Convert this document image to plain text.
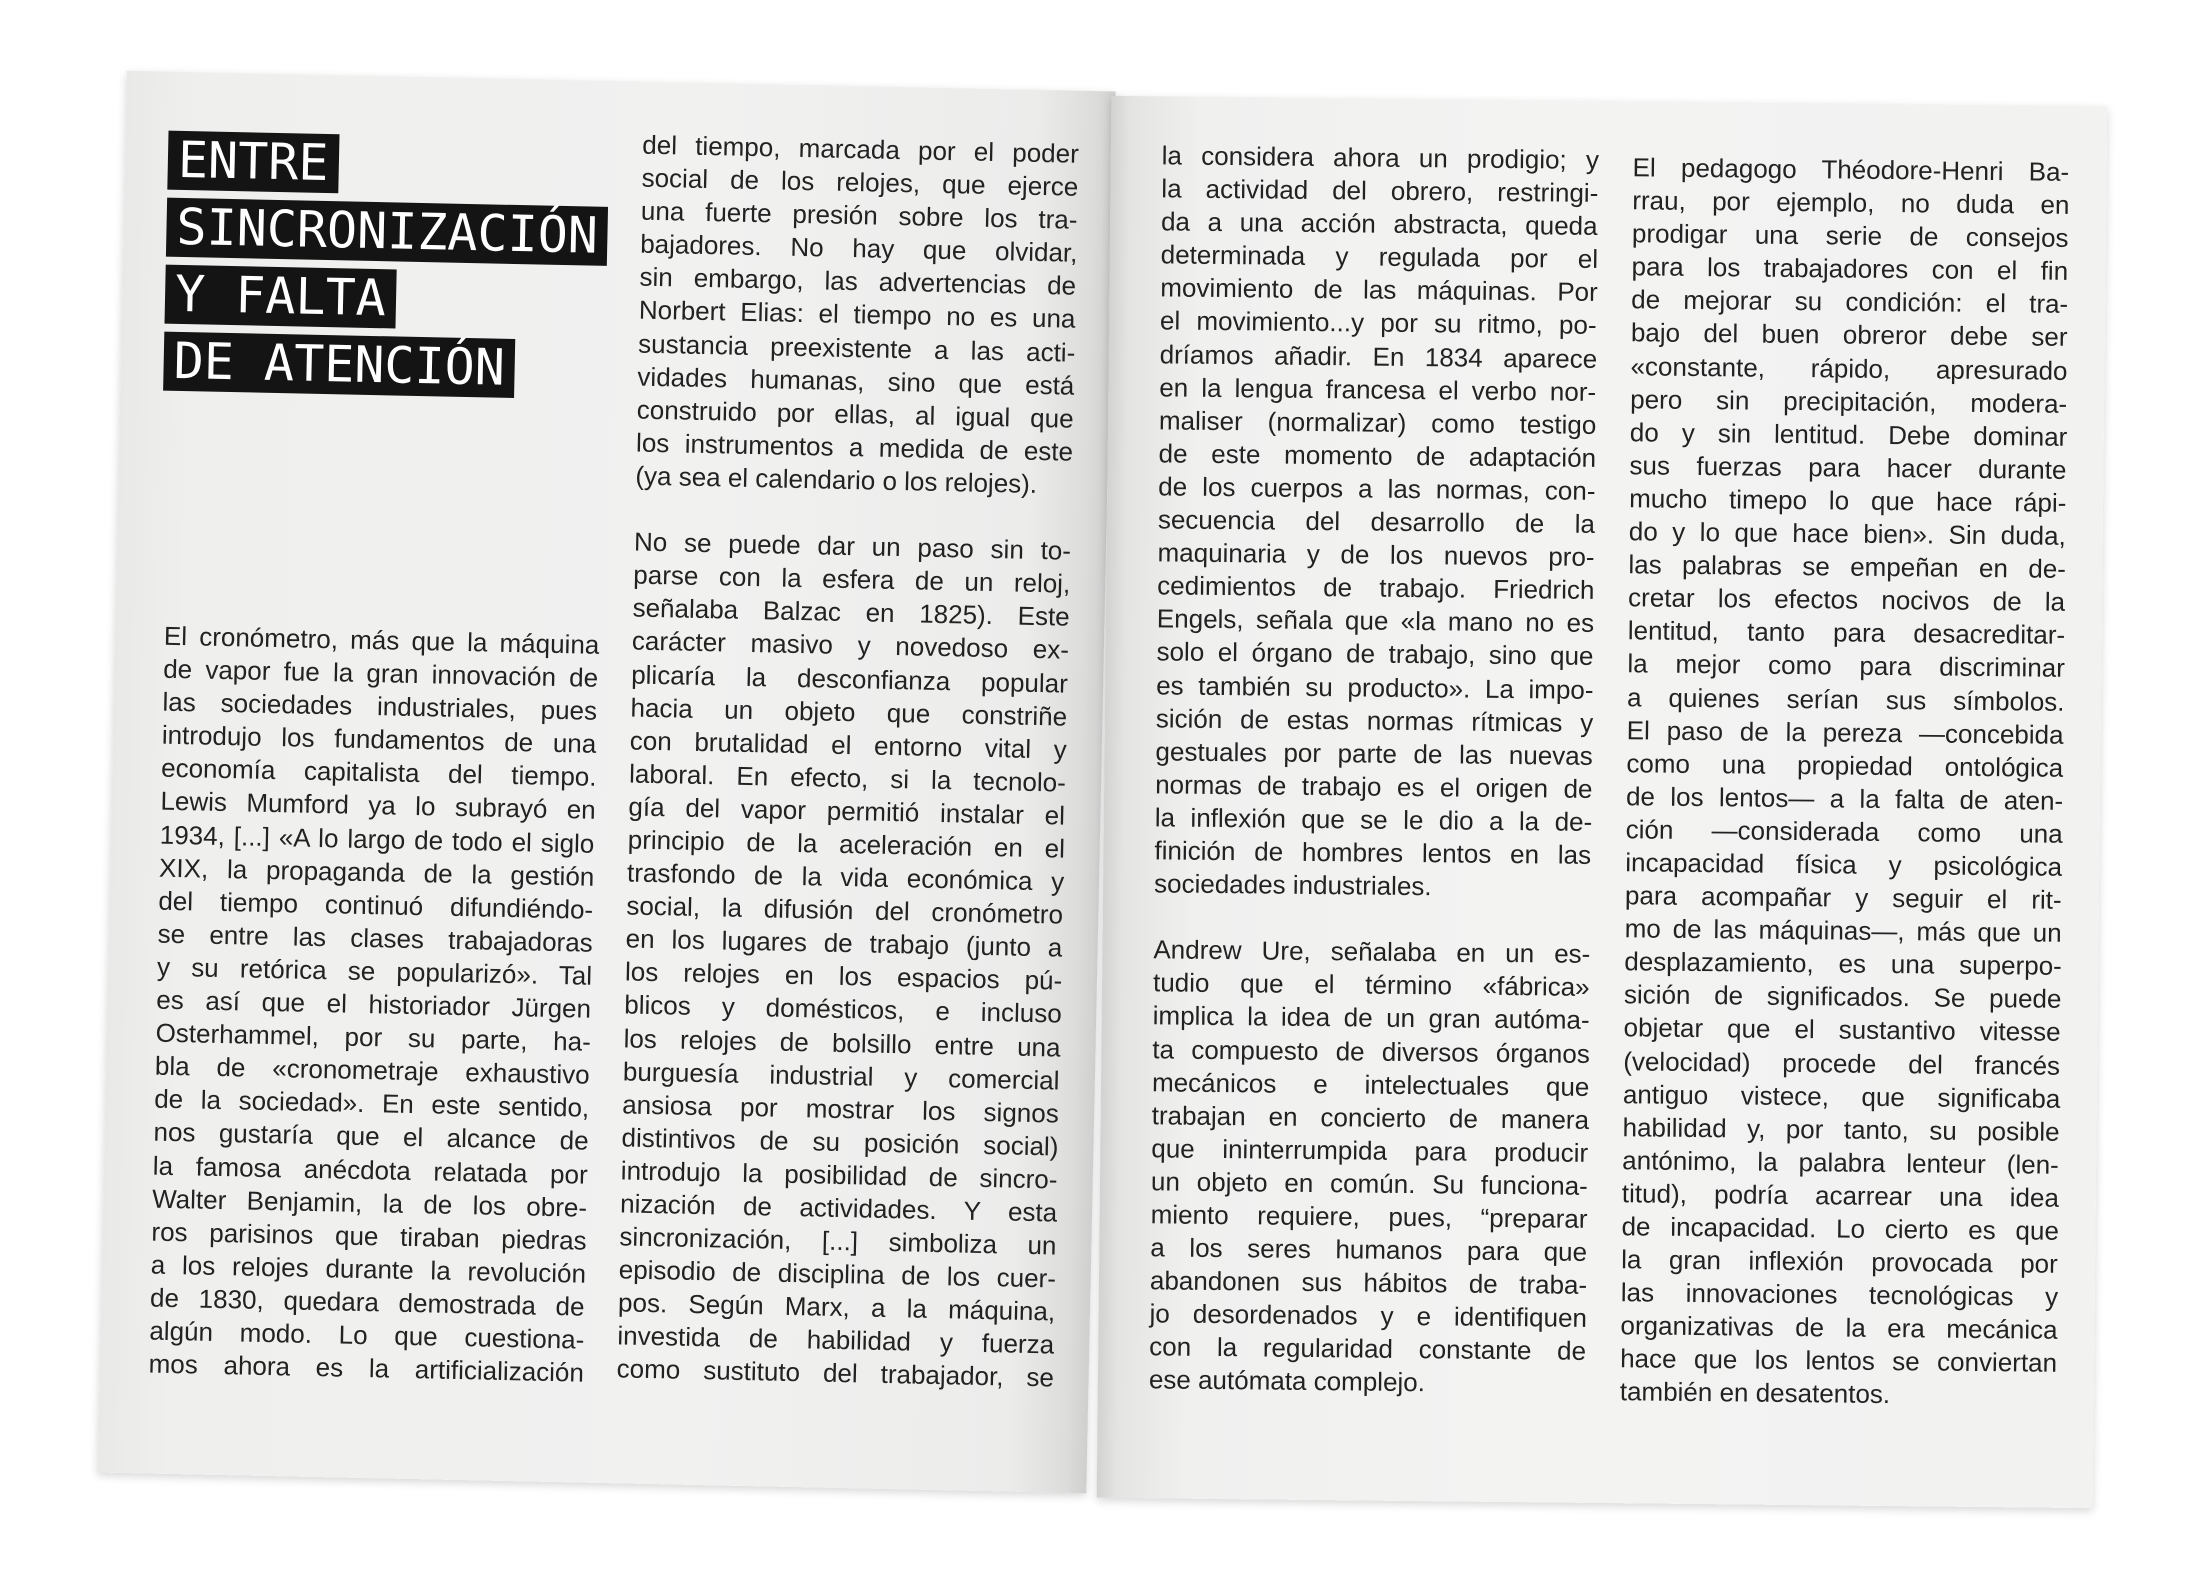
ENTRE
SINCRONIZACIÓN
Y FALTA
DE ATENCIÓN
El cronómetro, más que la máquina
de vapor fue la gran innovación de
las sociedades industriales, pues
introdujo los fundamentos de una
economía capitalista del tiempo.
Lewis Mumford ya lo subrayó en
1934, [...] «A lo largo de todo el siglo
XIX, la propaganda de la gestión
del tiempo continuó difundiéndo-
se entre las clases trabajadoras
y su retórica se popularizó». Tal
es así que el historiador Jürgen
Osterhammel, por su parte, ha-
bla de «cronometraje exhaustivo
de la sociedad». En este sentido,
nos gustaría que el alcance de
la famosa anécdota relatada por
Walter Benjamin, la de los obre-
ros parisinos que tiraban piedras
a los relojes durante la revolución
de 1830, quedara demostrada de
algún modo. Lo que cuestiona-
mos ahora es la artificialización
del tiempo, marcada por el poder
social de los relojes, que ejerce
una fuerte presión sobre los tra-
bajadores. No hay que olvidar,
sin embargo, las advertencias de
Norbert Elias: el tiempo no es una
sustancia preexistente a las acti-
vidades humanas, sino que está
construido por ellas, al igual que
los instrumentos a medida de este
(ya sea el calendario o los relojes).
No se puede dar un paso sin to-
parse con la esfera de un reloj,
señalaba Balzac en 1825). Este
carácter masivo y novedoso ex-
plicaría la desconfianza popular
hacia un objeto que constriñe
con brutalidad el entorno vital y
laboral. En efecto, si la tecnolo-
gía del vapor permitió instalar el
principio de la aceleración en el
trasfondo de la vida económica y
social, la difusión del cronómetro
en los lugares de trabajo (junto a
los relojes en los espacios pú-
blicos y domésticos, e incluso
los relojes de bolsillo entre una
burguesía industrial y comercial
ansiosa por mostrar los signos
distintivos de su posición social)
introdujo la posibilidad de sincro-
nización de actividades. Y esta
sincronización, [...] simboliza un
episodio de disciplina de los cuer-
pos. Según Marx, a la máquina,
investida de habilidad y fuerza
como sustituto del trabajador, se
la considera ahora un prodigio; y
la actividad del obrero, restringi-
da a una acción abstracta, queda
determinada y regulada por el
movimiento de las máquinas. Por
el movimiento...y por su ritmo, po-
dríamos añadir. En 1834 aparece
en la lengua francesa el verbo nor-
maliser (normalizar) como testigo
de este momento de adaptación
de los cuerpos a las normas, con-
secuencia del desarrollo de la
maquinaria y de los nuevos pro-
cedimientos de trabajo. Friedrich
Engels, señala que «la mano no es
solo el órgano de trabajo, sino que
es también su producto». La impo-
sición de estas normas rítmicas y
gestuales por parte de las nuevas
normas de trabajo es el origen de
la inflexión que se le dio a la de-
finición de hombres lentos en las
sociedades industriales.
Andrew Ure, señalaba en un es-
tudio que el término «fábrica»
implica la idea de un gran autóma-
ta compuesto de diversos órganos
mecánicos e intelectuales que
trabajan en concierto de manera
que ininterrumpida para producir
un objeto en común. Su funciona-
miento requiere, pues, “preparar
a los seres humanos para que
abandonen sus hábitos de traba-
jo desordenados y e identifiquen
con la regularidad constante de
ese autómata complejo.
El pedagogo Théodore-Henri Ba-
rrau, por ejemplo, no duda en
prodigar una serie de consejos
para los trabajadores con el fin
de mejorar su condición: el tra-
bajo del buen obreror debe ser
«constante, rápido, apresurado
pero sin precipitación, modera-
do y sin lentitud. Debe dominar
sus fuerzas para hacer durante
mucho timepo lo que hace rápi-
do y lo que hace bien». Sin duda,
las palabras se empeñan en de-
cretar los efectos nocivos de la
lentitud, tanto para desacreditar-
la mejor como para discriminar
a quienes serían sus símbolos.
El paso de la pereza —concebida
como una propiedad ontológica
de los lentos— a la falta de aten-
ción —considerada como una
incapacidad física y psicológica
para acompañar y seguir el rit-
mo de las máquinas—, más que un
desplazamiento, es una superpo-
sición de significados. Se puede
objetar que el sustantivo vitesse
(velocidad) procede del francés
antiguo vistece, que significaba
habilidad y, por tanto, su posible
antónimo, la palabra lenteur (len-
titud), podría acarrear una idea
de incapacidad. Lo cierto es que
la gran inflexión provocada por
las innovaciones tecnológicas y
organizativas de la era mecánica
hace que los lentos se conviertan
también en desatentos.
